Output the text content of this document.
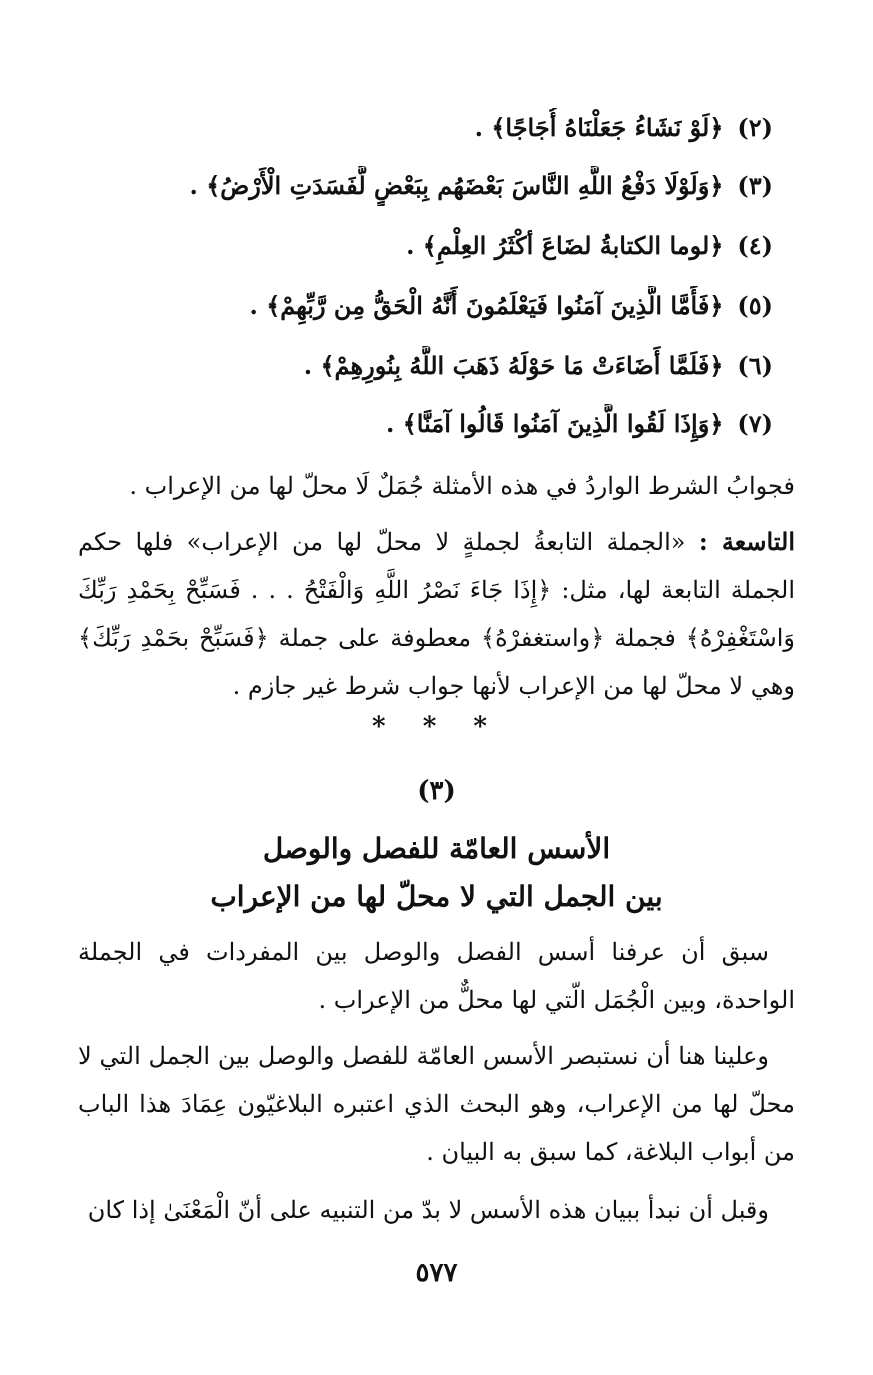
(٢)﴿لَوْ نَشَاءُ جَعَلْنَاهُ أُجَاجًا﴾ .
(٣)﴿وَلَوْلَا دَفْعُ اللَّهِ النَّاسَ بَعْضَهُم بِبَعْضٍ لَّفَسَدَتِ الْأَرْضُ﴾ .
(٤)﴿لوما الكتابةُ لضَاعَ أكْثَرُ العِلْمِ﴾ .
(٥)﴿فَأَمَّا الَّذِينَ آمَنُوا فَيَعْلَمُونَ أَنَّهُ الْحَقُّ مِن رَّبِّهِمْ﴾ .
(٦)﴿فَلَمَّا أَضَاءَتْ مَا حَوْلَهُ ذَهَبَ اللَّهُ بِنُورِهِمْ﴾ .
(٧)﴿وَإِذَا لَقُوا الَّذِينَ آمَنُوا قَالُوا آمَنَّا﴾ .
فجوابُ الشرط الواردُ في هذه الأمثلة جُمَلٌ لَا محلّ لها من الإعراب .
التاسعة : «الجملة التابعةُ لجملةٍ لا محلّ لها من الإعراب» فلها حكم الجملة التابعة لها، مثل: ﴿إِذَا جَاءَ نَصْرُ اللَّهِ وَالْفَتْحُ . . . فَسَبِّحْ بِحَمْدِ رَبِّكَ وَاسْتَغْفِرْهُ﴾ فجملة ﴿واستغفرْهُ﴾ معطوفة على جملة ﴿فَسَبِّحْ بحَمْدِ رَبِّكَ﴾ وهي لا محلّ لها من الإعراب لأنها جواب شرط غير جازم .
* * *
(٣)
الأسس العامّة للفصل والوصل
بين الجمل التي لا محلّ لها من الإعراب
سبق أن عرفنا أسس الفصل والوصل بين المفردات في الجملة الواحدة، وبين الْجُمَل الّتي لها محلٌّ من الإعراب .
وعلينا هنا أن نستبصر الأسس العامّة للفصل والوصل بين الجمل التي لا محلّ لها من الإعراب، وهو البحث الذي اعتبره البلاغيّون عِمَادَ هذا الباب من أبواب البلاغة، كما سبق به البيان .
وقبل أن نبدأ ببيان هذه الأسس لا بدّ من التنبيه على أنّ الْمَعْنَىٰ إذا كان
٥٧٧
